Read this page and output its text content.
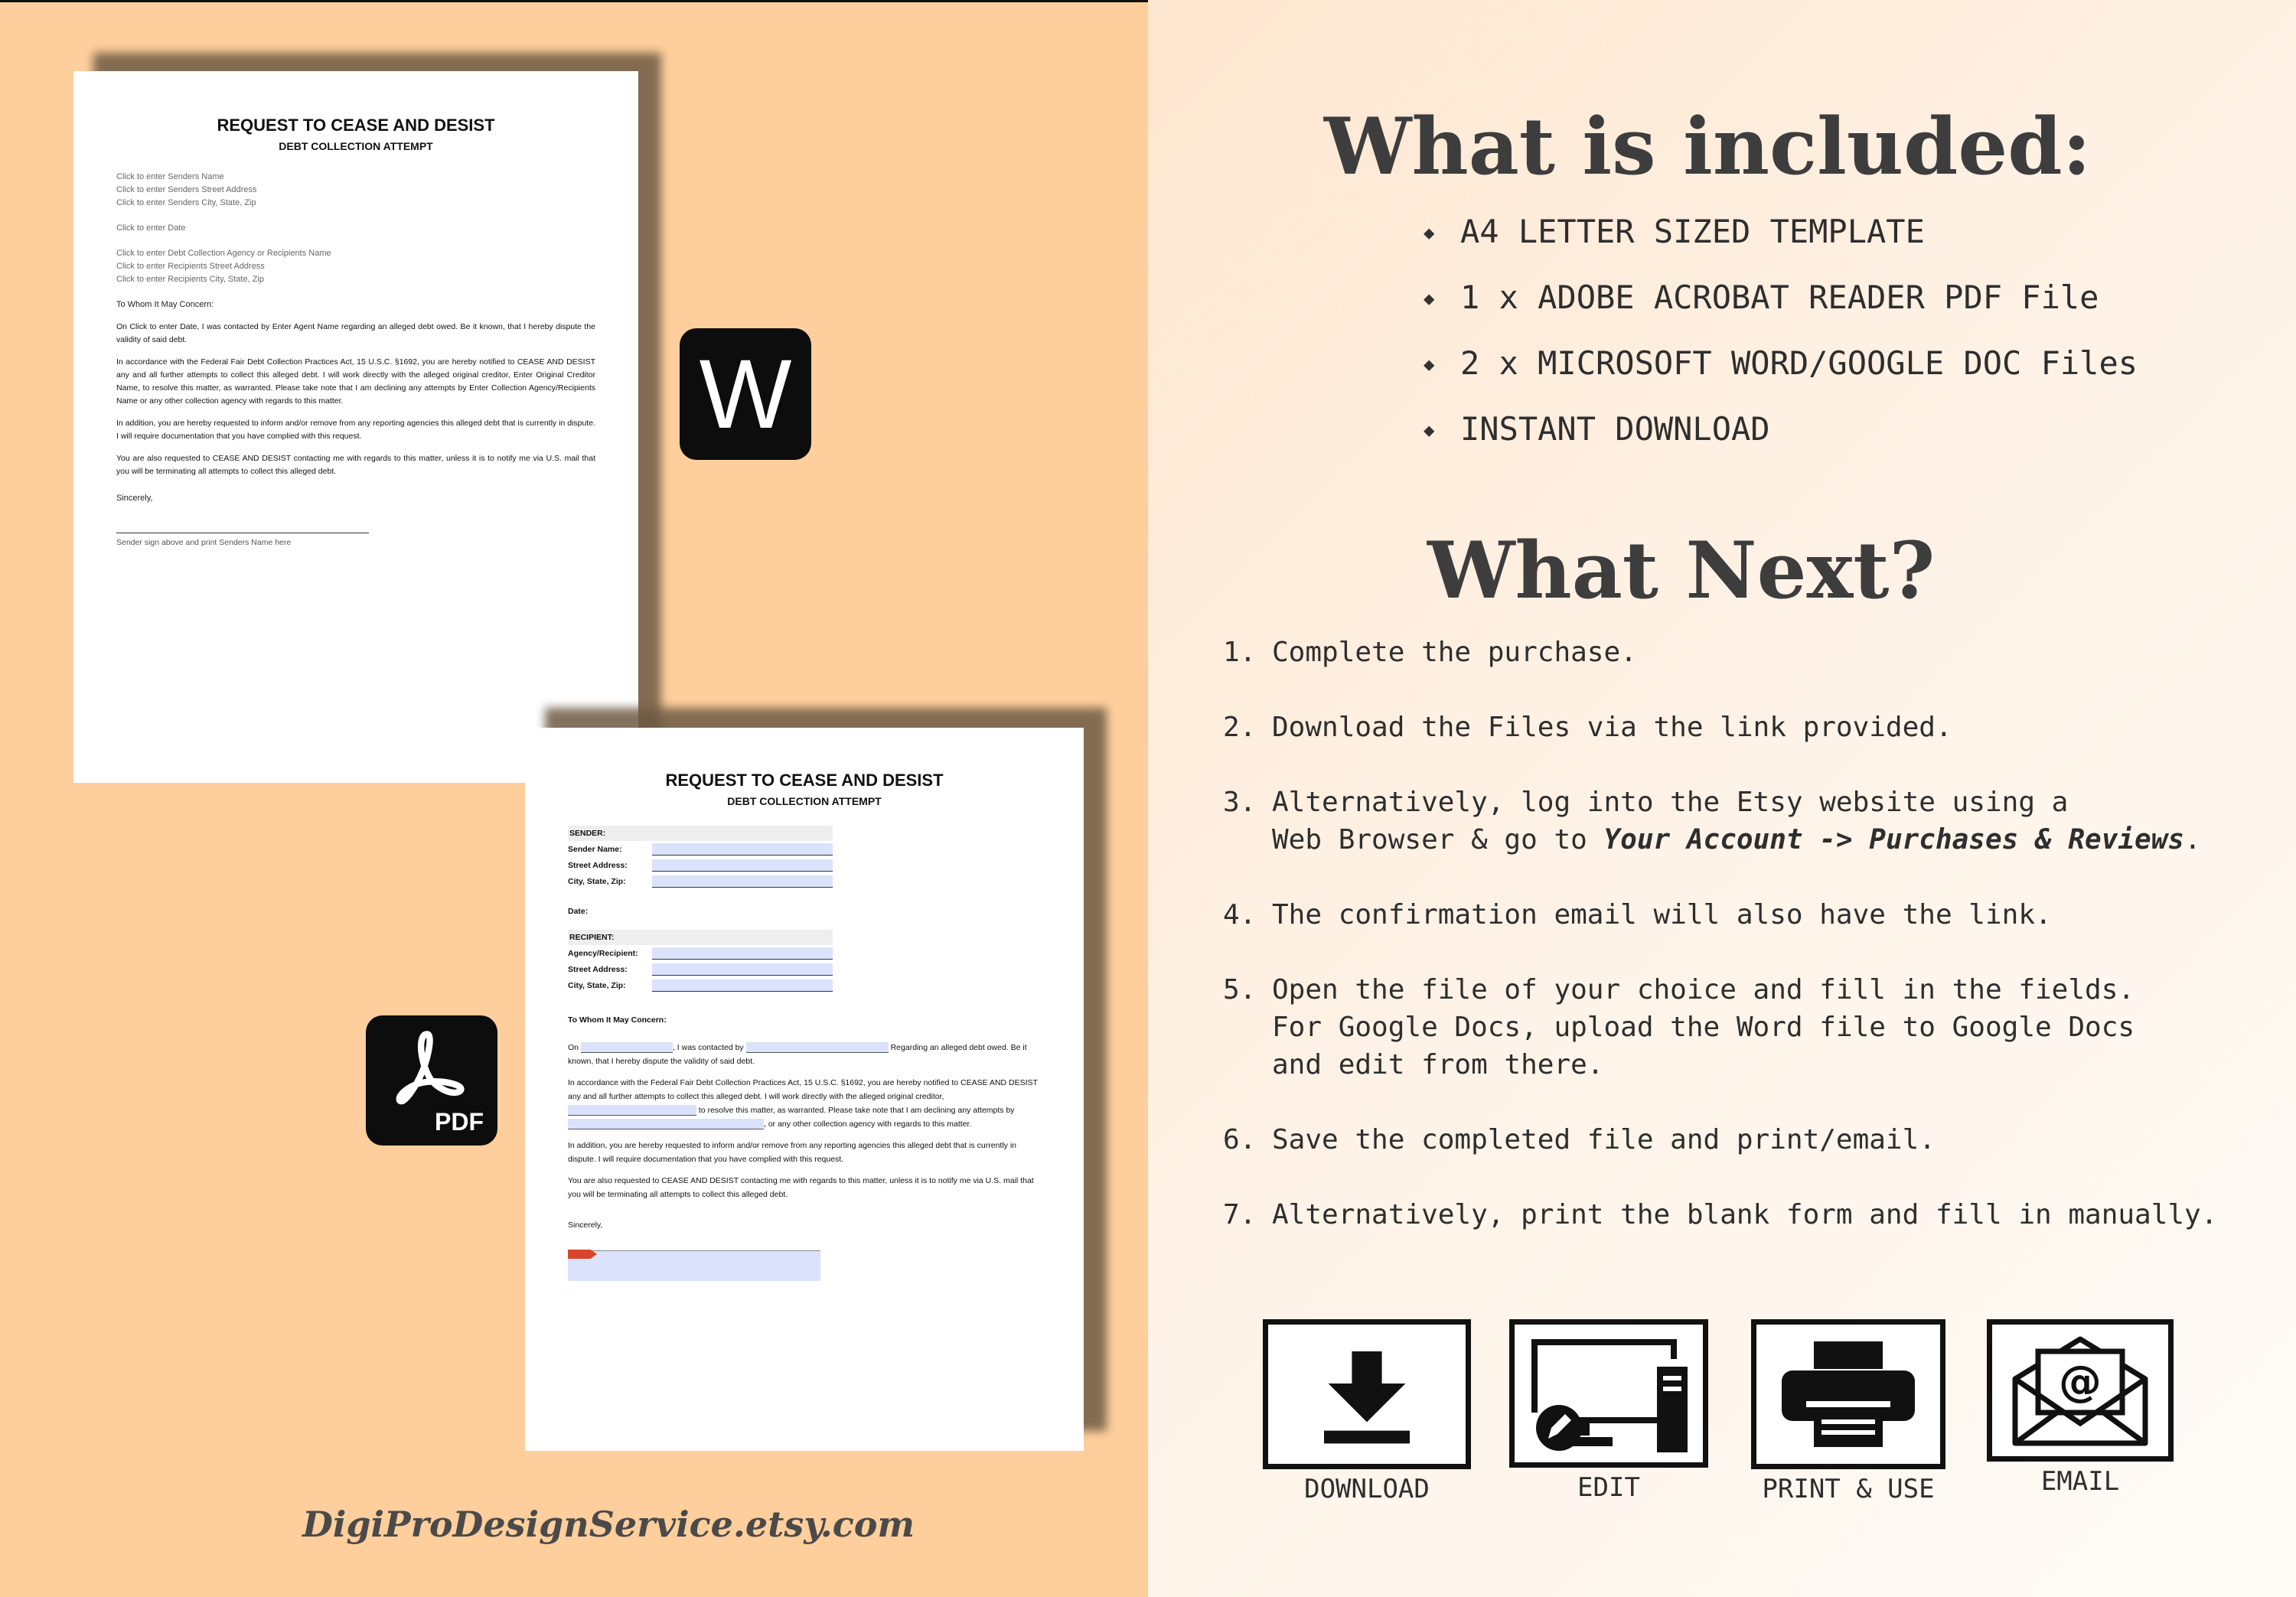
REQUEST TO CEASE AND DESIST
DEBT COLLECTION ATTEMPT
Click to enter Senders Name
Click to enter Senders Street Address
Click to enter Senders City, State, Zip
Click to enter Date
Click to enter Debt Collection Agency or Recipients Name
Click to enter Recipients Street Address
Click to enter Recipients City, State, Zip
To Whom It May Concern:
On Click to enter Date, I was contacted by Enter Agent Name regarding an alleged debt owed. Be it known, that I hereby dispute the validity of said debt.
In accordance with the Federal Fair Debt Collection Practices Act, 15 U.S.C. §1692, you are hereby notified to CEASE AND DESIST any and all further attempts to collect this alleged debt. I will work directly with the alleged original creditor, Enter Original Creditor Name, to resolve this matter, as warranted. Please take note that I am declining any attempts by Enter Collection Agency/Recipients Name or any other collection agency with regards to this matter.
In addition, you are hereby requested to inform and/or remove from any reporting agencies this alleged debt that is currently in dispute. I will require documentation that you have complied with this request.
You are also requested to CEASE AND DESIST contacting me with regards to this matter, unless it is to notify me via U.S. mail that you will be terminating all attempts to collect this alleged debt.
Sincerely,
Sender sign above and print Senders Name here
W
REQUEST TO CEASE AND DESIST
DEBT COLLECTION ATTEMPT
SENDER:
Sender Name:
Street Address:
City, State, Zip:
Date:
RECIPIENT:
Agency/Recipient:
Street Address:
City, State, Zip:
To Whom It May Concern:
On	, I was contacted by	Regarding an alleged debt owed. Be it known, that I hereby dispute the validity of said debt.
In accordance with the Federal Fair Debt Collection Practices Act, 15 U.S.C. §1692, you are hereby notified to CEASE AND DESIST any and all further attempts to collect this alleged debt. I will work directly with the alleged original creditor,  to resolve this matter, as warranted. Please take note that I am declining any attempts by , or any other collection agency with regards to this matter.
In addition, you are hereby requested to inform and/or remove from any reporting agencies this alleged debt that is currently in dispute. I will require documentation that you have complied with this request.
You are also requested to CEASE AND DESIST contacting me with regards to this matter, unless it is to notify me via U.S. mail that you will be terminating all attempts to collect this alleged debt.
Sincerely,
PDF
DigiProDesignService.etsy.com
What is included:
◆ A4 LETTER SIZED TEMPLATE
◆ 1 x ADOBE ACROBAT READER PDF File
◆ 2 x MICROSOFT WORD/GOOGLE DOC Files
◆ INSTANT DOWNLOAD
What Next?
1. Complete the purchase.
2. Download the Files via the link provided.
3. Alternatively, log into the Etsy website using a
Web Browser & go to Your Account -> Purchases & Reviews.
4. The confirmation email will also have the link.
5. Open the file of your choice and fill in the fields.
For Google Docs, upload the Word file to Google Docs
and edit from there.
6. Save the completed file and print/email.
7. Alternatively, print the blank form and fill in manually.
DOWNLOAD	EDIT	PRINT & USE
@
EMAIL
